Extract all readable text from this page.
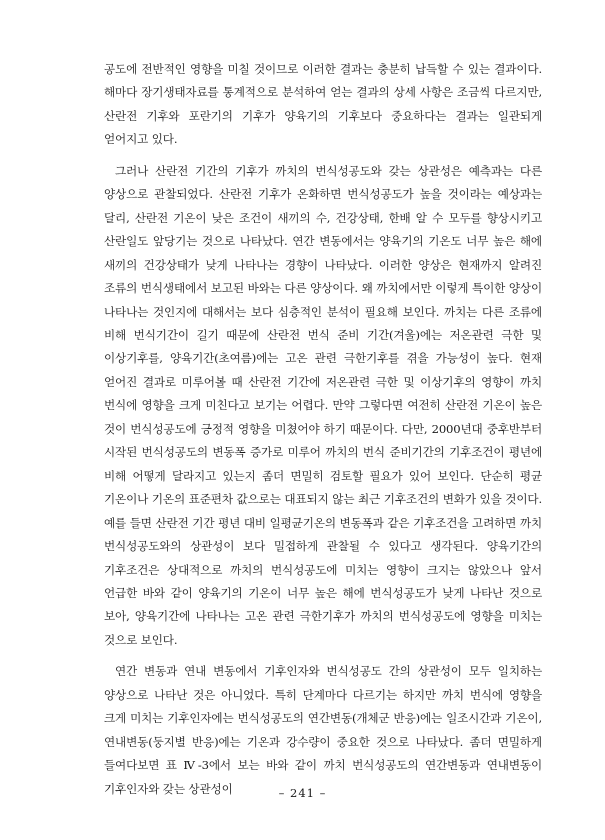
공도에 전반적인 영향을 미칠 것이므로 이러한 결과는 충분히 납득할 수 있는 결과이다. 해마다 장기생태자료를 통계적으로 분석하여 얻는 결과의 상세 사항은 조금씩 다르지만, 산란전 기후와 포란기의 기후가 양육기의 기후보다 중요하다는 결과는 일관되게 얻어지고 있다.

그러나 산란전 기간의 기후가 까치의 번식성공도와 갖는 상관성은 예측과는 다른 양상으로 관찰되었다. 산란전 기후가 온화하면 번식성공도가 높을 것이라는 예상과는 달리, 산란전 기온이 낮은 조건이 새끼의 수, 건강상태, 한배 알 수 모두를 향상시키고 산란일도 앞당기는 것으로 나타났다. 연간 변동에서는 양육기의 기온도 너무 높은 해에 새끼의 건강상태가 낮게 나타나는 경향이 나타났다. 이러한 양상은 현재까지 알려진 조류의 번식생태에서 보고된 바와는 다른 양상이다. 왜 까치에서만 이렇게 특이한 양상이 나타나는 것인지에 대해서는 보다 심층적인 분석이 필요해 보인다. 까치는 다른 조류에 비해 번식기간이 길기 때문에 산란전 번식 준비 기간(겨울)에는 저온관련 극한 및 이상기후를, 양육기간(초여름)에는 고온 관련 극한기후를 겪을 가능성이 높다. 현재 얻어진 결과로 미루어볼 때 산란전 기간에 저온관련 극한 및 이상기후의 영향이 까치 번식에 영향을 크게 미친다고 보기는 어렵다. 만약 그렇다면 여전히 산란전 기온이 높은 것이 번식성공도에 긍정적 영향을 미쳤어야 하기 때문이다. 다만, 2000년대 중후반부터 시작된 번식성공도의 변동폭 증가로 미루어 까치의 번식 준비기간의 기후조건이 평년에 비해 어떻게 달라지고 있는지 좀더 면밀히 검토할 필요가 있어 보인다. 단순히 평균 기온이나 기온의 표준편차 값으로는 대표되지 않는 최근 기후조건의 변화가 있을 것이다. 예를 들면 산란전 기간 평년 대비 일평균기온의 변동폭과 같은 기후조건을 고려하면 까치 번식성공도와의 상관성이 보다 밀접하게 관찰될 수 있다고 생각된다. 양육기간의 기후조건은 상대적으로 까치의 번식성공도에 미치는 영향이 크지는 않았으나 앞서 언급한 바와 같이 양육기의 기온이 너무 높은 해에 번식성공도가 낮게 나타난 것으로 보아, 양육기간에 나타나는 고온 관련 극한기후가 까치의 번식성공도에 영향을 미치는 것으로 보인다.

연간 변동과 연내 변동에서 기후인자와 번식성공도 간의 상관성이 모두 일치하는 양상으로 나타난 것은 아니었다. 특히 단계마다 다르기는 하지만 까치 번식에 영향을 크게 미치는 기후인자에는 번식성공도의 연간변동(개체군 반응)에는 일조시간과 기온이, 연내변동(둥지별 반응)에는 기온과 강수량이 중요한 것으로 나타났다. 좀더 면밀하게 들여다보면 표 Ⅳ-3에서 보는 바와 같이 까치 번식성공도의 연간변동과 연내변동이 기후인자와 갖는 상관성이	– 241 –
